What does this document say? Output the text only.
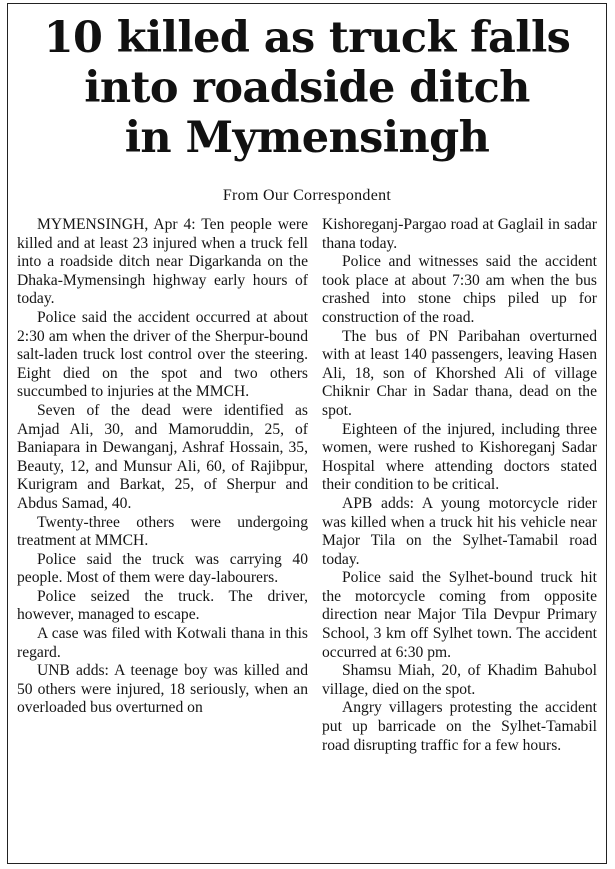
10 killed as truck falls
into roadside ditch
in Mymensingh
From Our Correspondent

MYMENSINGH, Apr 4: Ten people were killed and at least 23 injured when a truck fell into a roadside ditch near Digarkanda on the Dhaka-Mymensingh highway early hours of today.

Police said the accident occurred at about 2:30 am when the driver of the Sherpur-bound salt-laden truck lost control over the steering. Eight died on the spot and two others succumbed to injuries at the MMCH.

Seven of the dead were identified as Amjad Ali, 30, and Mamoruddin, 25, of Baniapara in Dewanganj, Ashraf Hossain, 35, Beauty, 12, and Munsur Ali, 60, of Rajibpur, Kurigram and Barkat, 25, of Sherpur and Abdus Samad, 40.

Twenty-three others were undergoing treatment at MMCH.

Police said the truck was carrying 40 people. Most of them were day-labourers.

Police seized the truck. The driver, however, managed to escape.

A case was filed with Kotwali thana in this regard.

UNB adds: A teenage boy was killed and 50 others were injured, 18 seriously, when an overloaded bus overturned on

Kishoreganj-Pargao road at Gaglail in sadar thana today.

Police and witnesses said the accident took place at about 7:30 am when the bus crashed into stone chips piled up for construction of the road.

The bus of PN Paribahan overturned with at least 140 passengers, leaving Hasen Ali, 18, son of Khorshed Ali of village Chiknir Char in Sadar thana, dead on the spot.

Eighteen of the injured, including three women, were rushed to Kishoreganj Sadar Hospital where attending doctors stated their condition to be critical.

APB adds: A young motorcycle rider was killed when a truck hit his vehicle near Major Tila on the Sylhet-Tamabil road today.

Police said the Sylhet-bound truck hit the motorcycle coming from opposite direction near Major Tila Devpur Primary School, 3 km off Sylhet town. The accident occurred at 6:30 pm.

Shamsu Miah, 20, of Khadim Bahubol village, died on the spot.

Angry villagers protesting the accident put up barricade on the Sylhet-Tamabil road disrupting traffic for a few hours.
